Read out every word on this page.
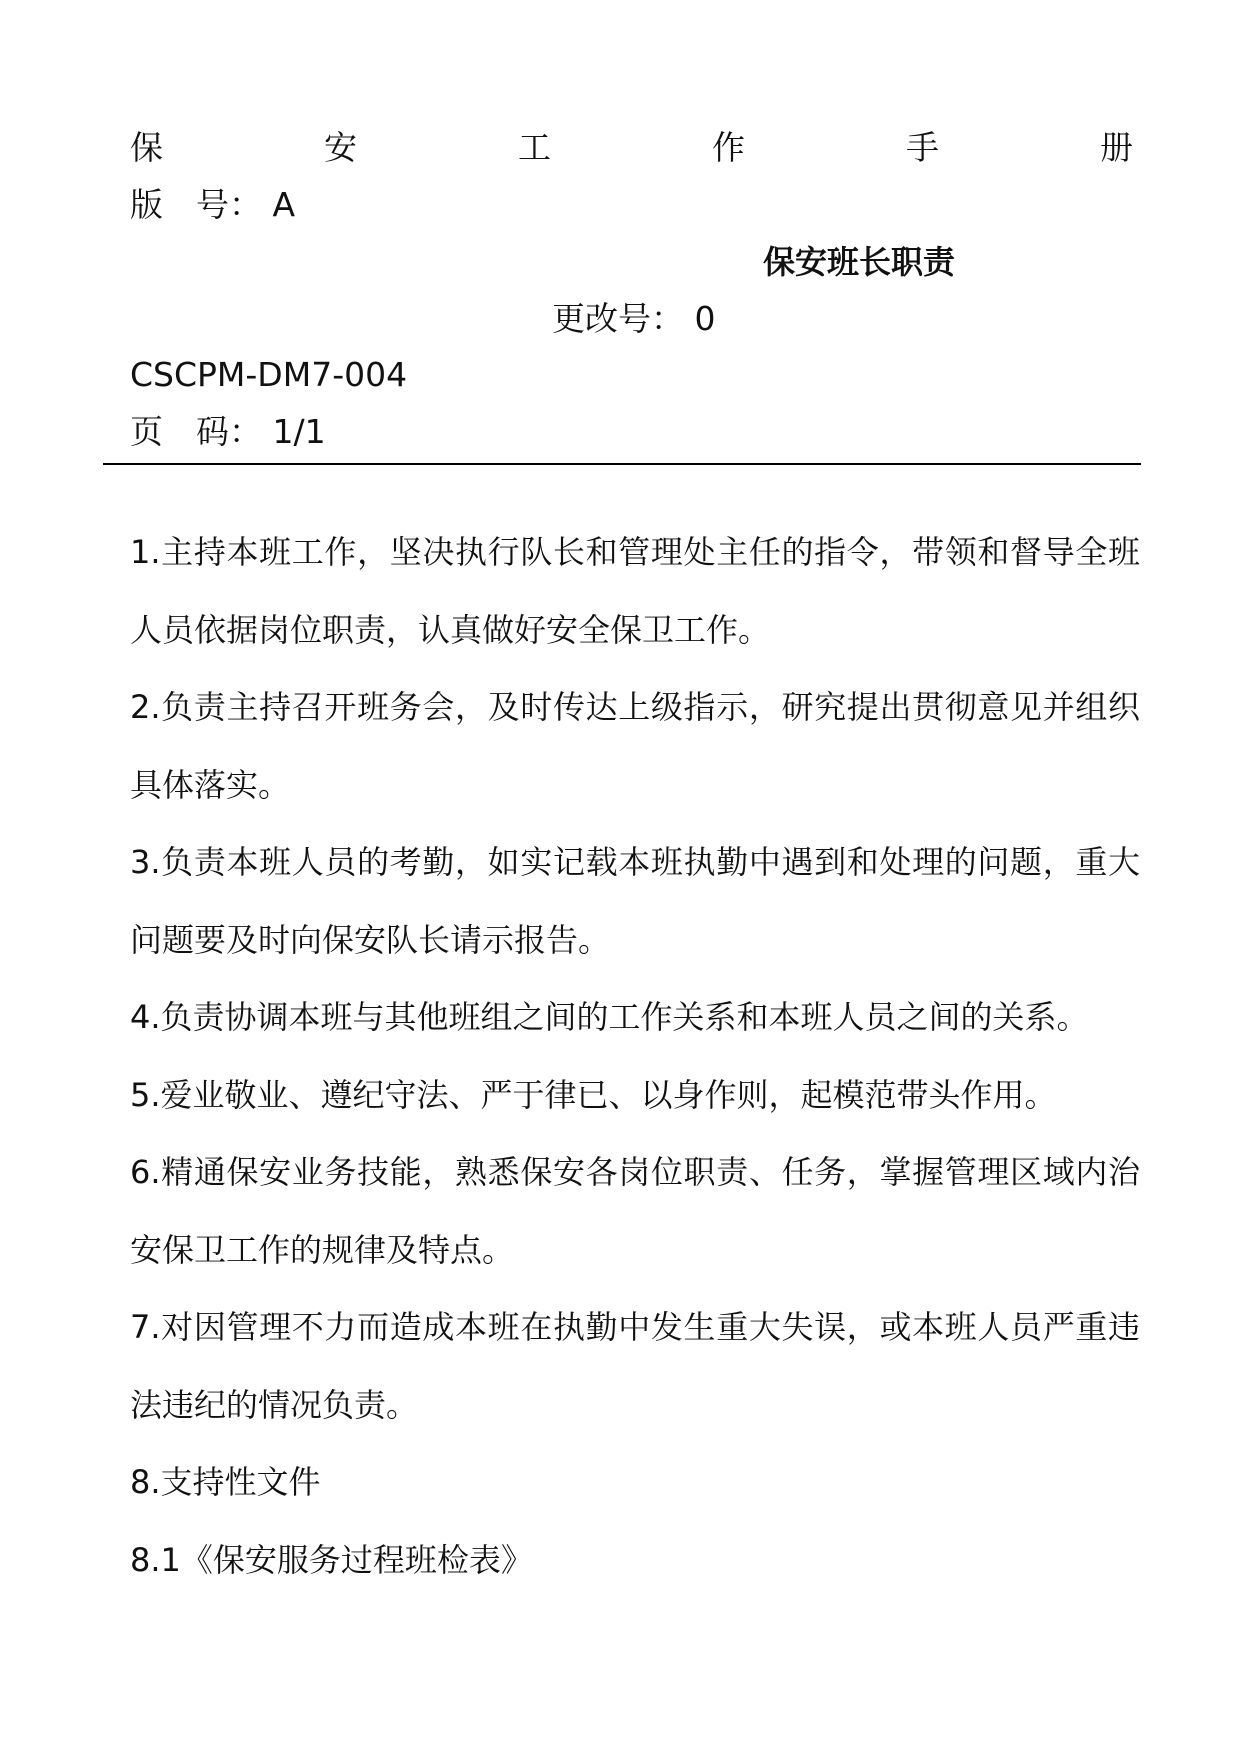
保	安	工	作	手	册
版　号： A
保安班长职责
更改号： 0
CSCPM-DM7-004
页　码： 1/1

1.主持本班工作，坚决执行队长和管理处主任的指令，带领和督导全班人员依据岗位职责，认真做好安全保卫工作。

2.负责主持召开班务会，及时传达上级指示，研究提出贯彻意见并组织具体落实。

3.负责本班人员的考勤，如实记载本班执勤中遇到和处理的问题，重大问题要及时向保安队长请示报告。

4.负责协调本班与其他班组之间的工作关系和本班人员之间的关系。

5.爱业敬业、遵纪守法、严于律已、以身作则，起模范带头作用。

6.精通保安业务技能，熟悉保安各岗位职责、任务，掌握管理区域内治安保卫工作的规律及特点。

7.对因管理不力而造成本班在执勤中发生重大失误，或本班人员严重违法违纪的情况负责。

8.支持性文件

8.1《保安服务过程班检表》
